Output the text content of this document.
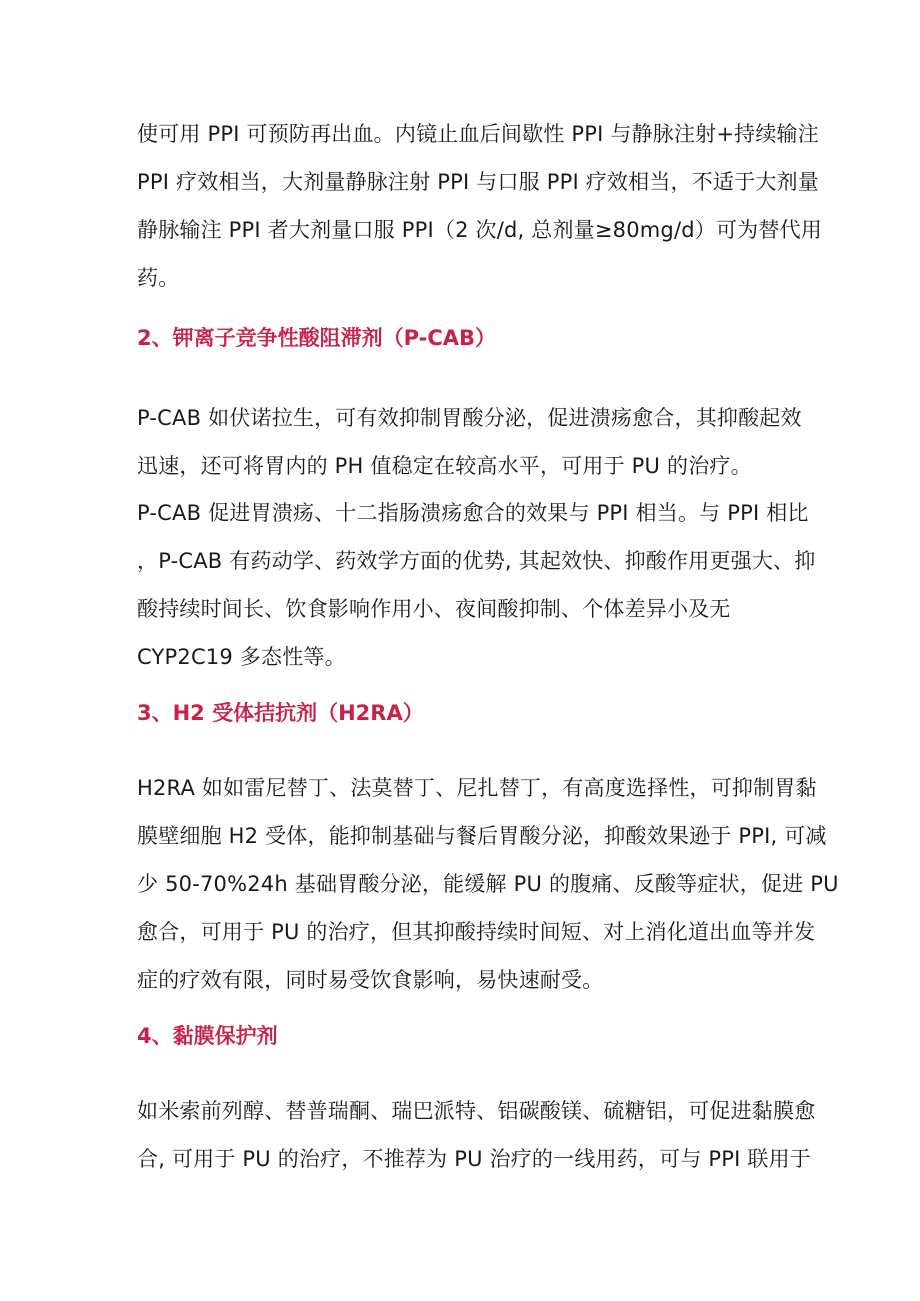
使可用 PPI 可预防再出血。内镜止血后间歇性 PPI 与静脉注射+持续输注
PPI 疗效相当，大剂量静脉注射 PPI 与口服 PPI 疗效相当，不适于大剂量
静脉输注 PPI 者大剂量口服 PPI（2 次/d, 总剂量≥80mg/d）可为替代用
药。
2、钾离子竞争性酸阻滞剂（P-CAB）
P-CAB 如伏诺拉生，可有效抑制胃酸分泌，促进溃疡愈合，其抑酸起效
迅速，还可将胃内的 PH 值稳定在较高水平，可用于 PU 的治疗。
P-CAB 促进胃溃疡、十二指肠溃疡愈合的效果与 PPI 相当。与 PPI 相比
，P-CAB 有药动学、药效学方面的优势, 其起效快、抑酸作用更强大、抑
酸持续时间长、饮食影响作用小、夜间酸抑制、个体差异小及无
CYP2C19 多态性等。
3、H2 受体拮抗剂（H2RA）
H2RA 如如雷尼替丁、法莫替丁、尼扎替丁，有高度选择性，可抑制胃黏
膜壁细胞 H2 受体，能抑制基础与餐后胃酸分泌，抑酸效果逊于 PPI, 可减
少 50-70%24h 基础胃酸分泌，能缓解 PU 的腹痛、反酸等症状，促进 PU
愈合，可用于 PU 的治疗，但其抑酸持续时间短、对上消化道出血等并发
症的疗效有限，同时易受饮食影响，易快速耐受。
4、黏膜保护剂
如米索前列醇、替普瑞酮、瑞巴派特、铝碳酸镁、硫糖铝，可促进黏膜愈
合, 可用于 PU 的治疗，不推荐为 PU 治疗的一线用药，可与 PPI 联用于
